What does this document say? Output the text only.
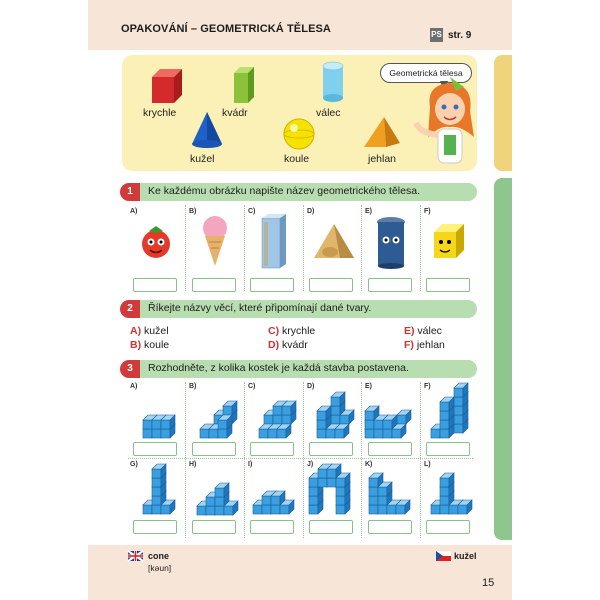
OPAKOVÁNÍ – GEOMETRICKÁ TĚLESA	PS str. 9
krychle	kvádr	válec
kužel	koule	jehlan
Geometrická tělesa
1	Ke každému obrázku napište název geometrického tělesa.
A)	B)	C)	D)	E)	F)
2	Říkejte názvy věcí, které připomínají dané tvary.
A) kužel
B) koule
C) krychle
D) kvádr
E) válec
F) jehlan
3	Rozhodněte, z kolika kostek je každá stavba postavena.
A)	B)	C)	D)	E)	F)
G)	H)	I)	J)	K)	L)
cone
[kəun]
kužel
15
